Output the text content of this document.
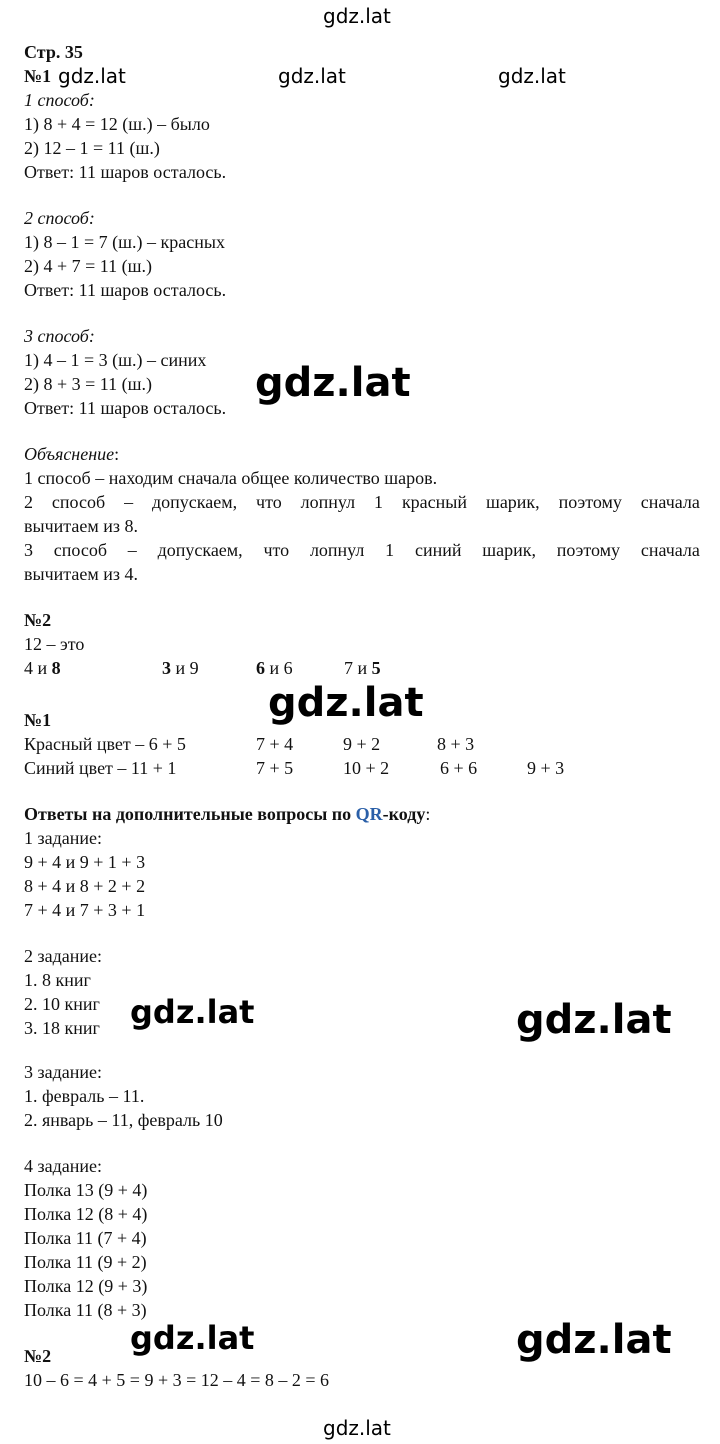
gdz.lat
gdz.lat	gdz.lat	gdz.lat
gdz.lat
gdz.lat
gdz.lat	gdz.lat
gdz.lat	gdz.lat
gdz.lat
Стр. 35
№1
1 способ:
1) 8 + 4 = 12 (ш.) – было
2) 12 – 1 = 11 (ш.)
Ответ: 11 шаров осталось.
2 способ:
1) 8 – 1 = 7 (ш.) – красных
2) 4 + 7 = 11 (ш.)
Ответ: 11 шаров осталось.
3 способ:
1) 4 – 1 = 3 (ш.) – синих
2) 8 + 3 = 11 (ш.)
Ответ: 11 шаров осталось.
Объяснение:
1 способ – находим сначала общее количество шаров.
2 способ – допускаем, что лопнул 1 красный шарик, поэтому сначала
вычитаем из 8.
3 способ – допускаем, что лопнул 1 синий шарик, поэтому сначала
вычитаем из 4.
№2
12 – это
4 и 8	3 и 9	6 и 6	7 и 5
№1
Красный цвет – 6 + 5	7 + 4	9 + 2	8 + 3
Синий цвет – 11 + 1	7 + 5	10 + 2	6 + 6	9 + 3
Ответы на дополнительные вопросы по QR-коду:
1 задание:
9 + 4 и 9 + 1 + 3
8 + 4 и 8 + 2 + 2
7 + 4 и 7 + 3 + 1
2 задание:
1. 8 книг
2. 10 книг
3. 18 книг
3 задание:
1. февраль – 11.
2. январь – 11, февраль 10
4 задание:
Полка 13 (9 + 4)
Полка 12 (8 + 4)
Полка 11 (7 + 4)
Полка 11 (9 + 2)
Полка 12 (9 + 3)
Полка 11 (8 + 3)
№2
10 – 6 = 4 + 5 = 9 + 3 = 12 – 4 = 8 – 2 = 6
